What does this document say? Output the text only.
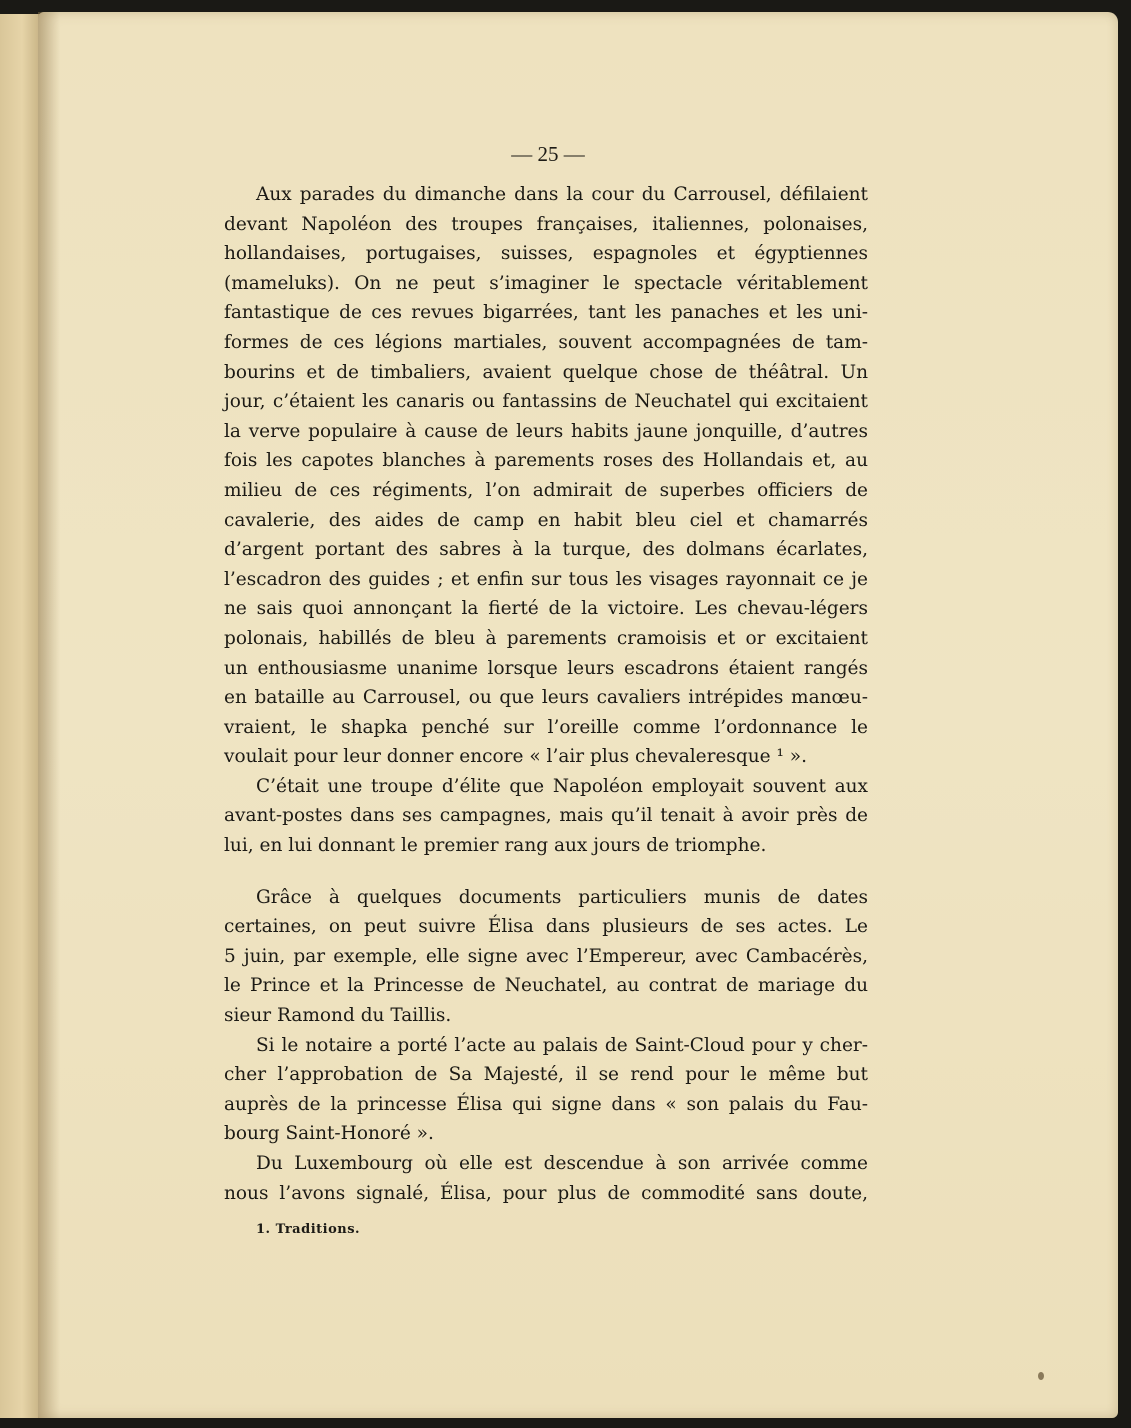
— 25 —
Aux parades du dimanche dans la cour du Carrousel, défilaient
devant Napoléon des troupes françaises, italiennes, polonaises,
hollandaises, portugaises, suisses, espagnoles et égyptiennes
(mameluks). On ne peut s’imaginer le spectacle véritablement
fantastique de ces revues bigarrées, tant les panaches et les uni-
formes de ces légions martiales, souvent accompagnées de tam-
bourins et de timbaliers, avaient quelque chose de théâtral. Un
jour, c’étaient les canaris ou fantassins de Neuchatel qui excitaient
la verve populaire à cause de leurs habits jaune jonquille, d’autres
fois les capotes blanches à parements roses des Hollandais et, au
milieu de ces régiments, l’on admirait de superbes officiers de
cavalerie, des aides de camp en habit bleu ciel et chamarrés
d’argent portant des sabres à la turque, des dolmans écarlates,
l’escadron des guides ; et enfin sur tous les visages rayonnait ce je
ne sais quoi annonçant la fierté de la victoire. Les chevau-légers
polonais, habillés de bleu à parements cramoisis et or excitaient
un enthousiasme unanime lorsque leurs escadrons étaient rangés
en bataille au Carrousel, ou que leurs cavaliers intrépides manœu-
vraient, le shapka penché sur l’oreille comme l’ordonnance le
voulait pour leur donner encore « l’air plus chevaleresque ¹ ».
C’était une troupe d’élite que Napoléon employait souvent aux
avant-postes dans ses campagnes, mais qu’il tenait à avoir près de
lui, en lui donnant le premier rang aux jours de triomphe.
Grâce à quelques documents particuliers munis de dates
certaines, on peut suivre Élisa dans plusieurs de ses actes. Le
5 juin, par exemple, elle signe avec l’Empereur, avec Cambacérès,
le Prince et la Princesse de Neuchatel, au contrat de mariage du
sieur Ramond du Taillis.
Si le notaire a porté l’acte au palais de Saint-Cloud pour y cher-
cher l’approbation de Sa Majesté, il se rend pour le même but
auprès de la princesse Élisa qui signe dans « son palais du Fau-
bourg Saint-Honoré ».
Du Luxembourg où elle est descendue à son arrivée comme
nous l’avons signalé, Élisa, pour plus de commodité sans doute,
1. Traditions.
